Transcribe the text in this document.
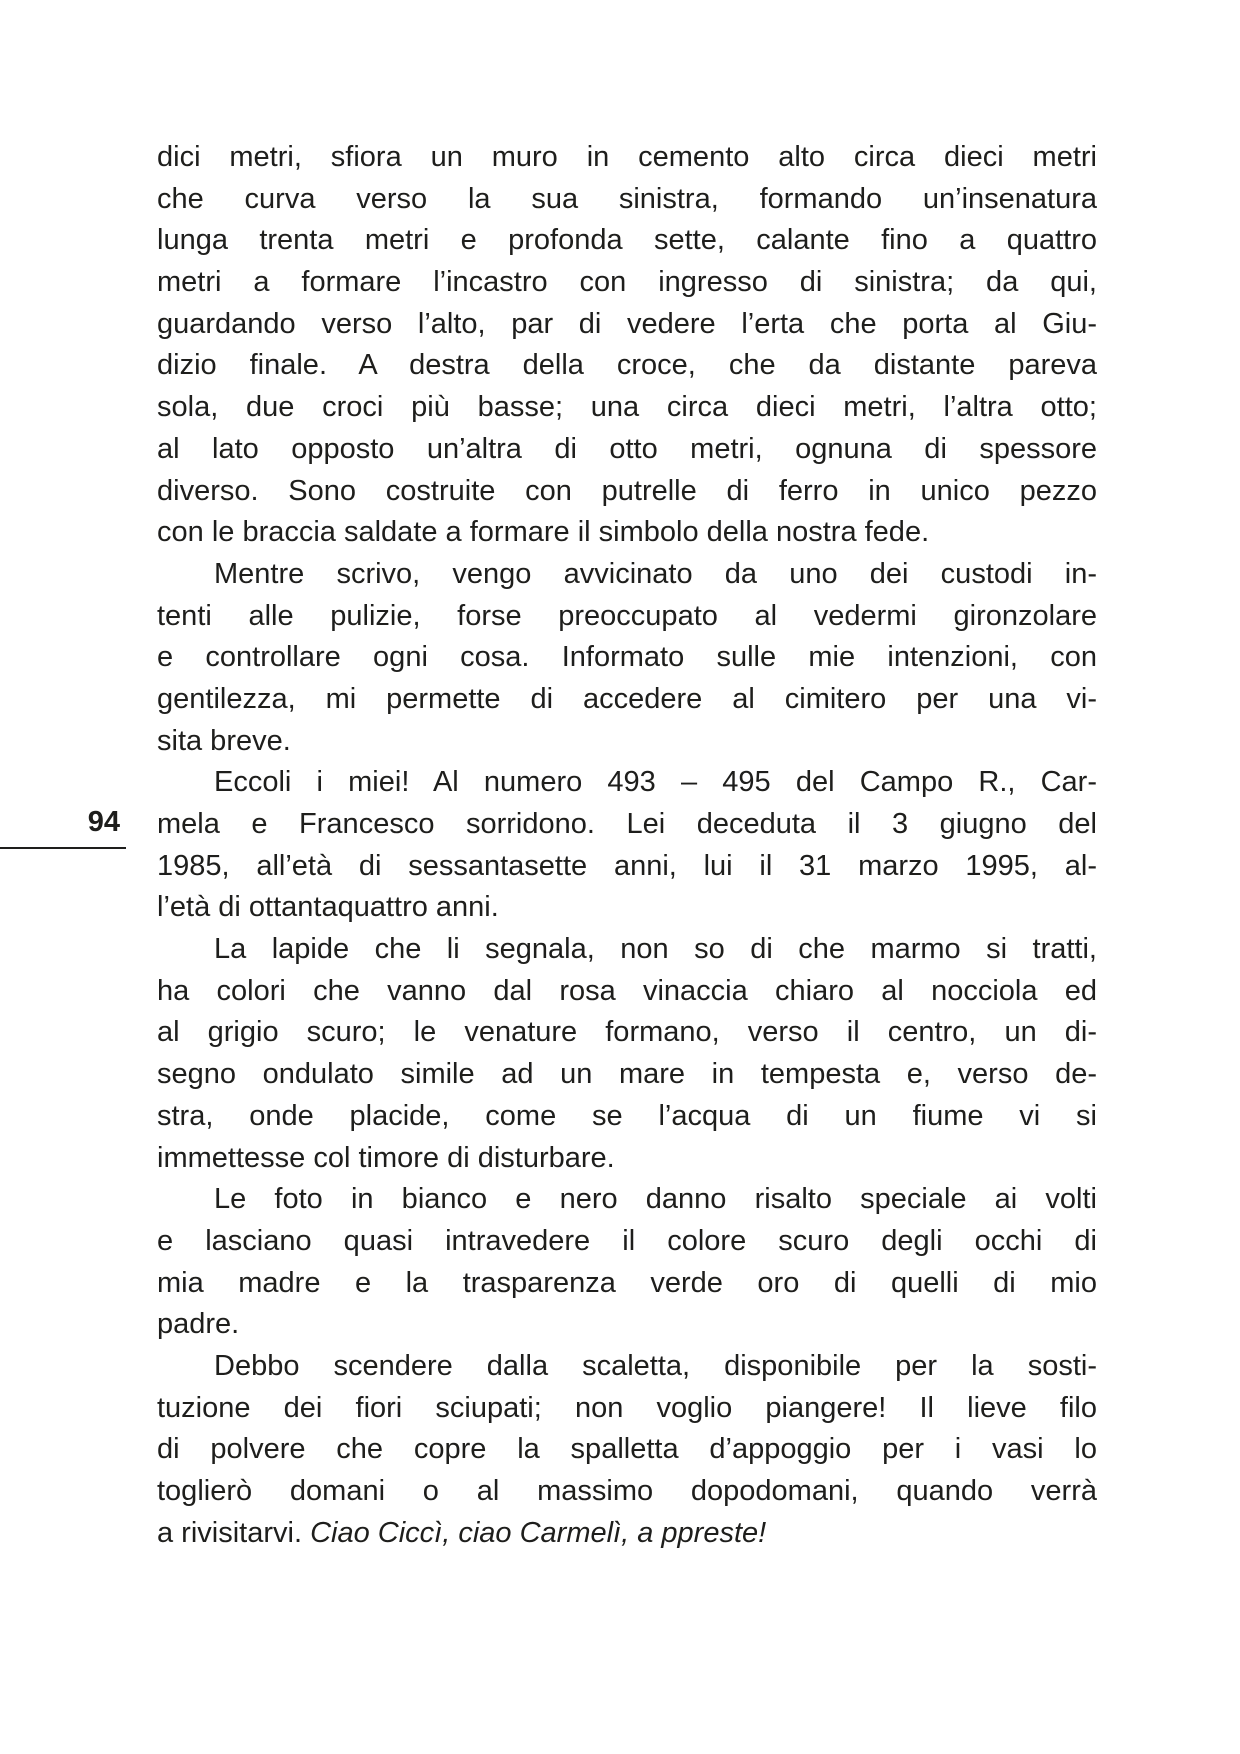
94
dici metri, sfiora un muro in cemento alto circa dieci metri
che curva verso la sua sinistra, formando un’insenatura
lunga trenta metri e profonda sette, calante fino a quattro
metri a formare l’incastro con ingresso di sinistra; da qui,
guardando verso l’alto, par di vedere l’erta che porta al Giu-
dizio finale. A destra della croce, che da distante pareva
sola, due croci più basse; una circa dieci metri, l’altra otto;
al lato opposto un’altra di otto metri, ognuna di spessore
diverso. Sono costruite con putrelle di ferro in unico pezzo
con le braccia saldate a formare il simbolo della nostra fede.
Mentre scrivo, vengo avvicinato da uno dei custodi in-
tenti alle pulizie, forse preoccupato al vedermi gironzolare
e controllare ogni cosa. Informato sulle mie intenzioni, con
gentilezza, mi permette di accedere al cimitero per una vi-
sita breve.
Eccoli i miei! Al numero 493 – 495 del Campo R., Car-
mela e Francesco sorridono. Lei deceduta il 3 giugno del
1985, all’età di sessantasette anni, lui il 31 marzo 1995, al-
l’età di ottantaquattro anni.
La lapide che li segnala, non so di che marmo si tratti,
ha colori che vanno dal rosa vinaccia chiaro al nocciola ed
al grigio scuro; le venature formano, verso il centro, un di-
segno ondulato simile ad un mare in tempesta e, verso de-
stra, onde placide, come se l’acqua di un fiume vi si
immettesse col timore di disturbare.
Le foto in bianco e nero danno risalto speciale ai volti
e lasciano quasi intravedere il colore scuro degli occhi di
mia madre e la trasparenza verde oro di quelli di mio
padre.
Debbo scendere dalla scaletta, disponibile per la sosti-
tuzione dei fiori sciupati; non voglio piangere! Il lieve filo
di polvere che copre la spalletta d’appoggio per i vasi lo
toglierò domani o al massimo dopodomani, quando verrà
a rivisitarvi. Ciao Ciccì, ciao Carmelì, a ppreste!
